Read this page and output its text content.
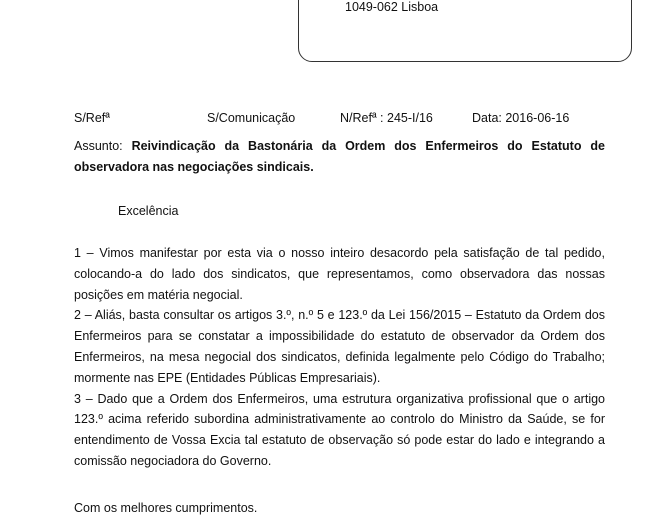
1049-062 Lisboa
S/Refª	S/Comunicação	N/Refª : 245-I/16	Data: 2016-06-16
Assunto: Reivindicação da Bastonária da Ordem dos Enfermeiros do Estatuto de observadora nas negociações sindicais.
Excelência

1 – Vimos manifestar por esta via o nosso inteiro desacordo pela satisfação de tal pedido, colocando-a do lado dos sindicatos, que representamos, como observadora das nossas posições em matéria negocial.

2 – Aliás, basta consultar os artigos 3.º, n.º 5 e 123.º da Lei 156/2015 – Estatuto da Ordem dos Enfermeiros para se constatar a impossibilidade do estatuto de observador da Ordem dos Enfermeiros, na mesa negocial dos sindicatos, definida legalmente pelo Código do Trabalho; mormente nas EPE (Entidades Públicas Empresariais).

3 – Dado que a Ordem dos Enfermeiros, uma estrutura organizativa profissional que o artigo 123.º acima referido subordina administrativamente ao controlo do Ministro da Saúde, se for entendimento de Vossa Excia tal estatuto de observação só pode estar do lado e integrando a comissão negociadora do Governo.

Com os melhores cumprimentos.
